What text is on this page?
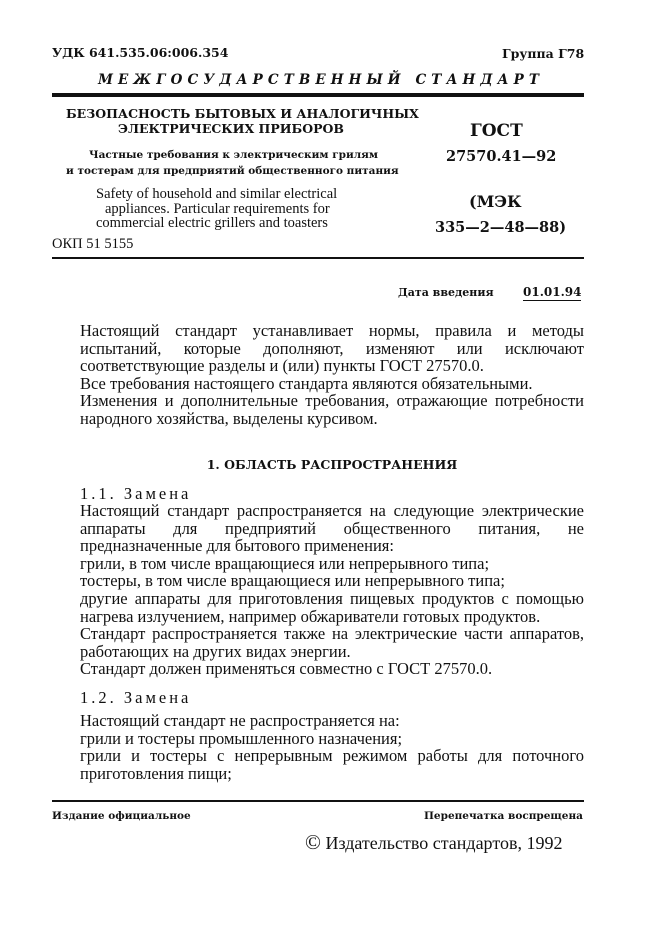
УДК 641.535.06:006.354	Группа Г78
МЕЖГОСУДАРСТВЕННЫЙ СТАНДАРТ
БЕЗОПАСНОСТЬ БЫТОВЫХ И АНАЛОГИЧНЫХ
ЭЛЕКТРИЧЕСКИХ ПРИБОРОВ
Частные требования к электрическим грилям
и тостерам для предприятий общественного питания
Safety of household and similar electrical
appliances. Particular requirements for
commercial electric grillers and toasters
ОКП 51 5155
ГОСТ
27570.41—92
(МЭК
335—2—48—88)
Дата введения 01.01.94

Настоящий стандарт устанавливает нормы, правила и методы испытаний, которые дополняют, изменяют или исключают соответствующие разделы и (или) пункты ГОСТ 27570.0.

Все требования настоящего стандарта являются обязательными.

Изменения и дополнительные требования, отражающие потребности народного хозяйства, выделены курсивом.

1. ОБЛАСТЬ РАСПРОСТРАНЕНИЯ
1.1. Замена

Настоящий стандарт распространяется на следующие электрические аппараты для предприятий общественного питания, не предназначенные для бытового применения:

грили, в том числе вращающиеся или непрерывного типа;

тостеры, в том числе вращающиеся или непрерывного типа;

другие аппараты для приготовления пищевых продуктов с помощью нагрева излучением, например обжариватели готовых продуктов.

Стандарт распространяется также на электрические части аппаратов, работающих на других видах энергии.

Стандарт должен применяться совместно с ГОСТ 27570.0.

1.2. Замена

Настоящий стандарт не распространяется на:

грили и тостеры промышленного назначения;

грили и тостеры с непрерывным режимом работы для поточного приготовления пищи;

Издание официальное	Перепечатка воспрещена
© Издательство стандартов, 1992
